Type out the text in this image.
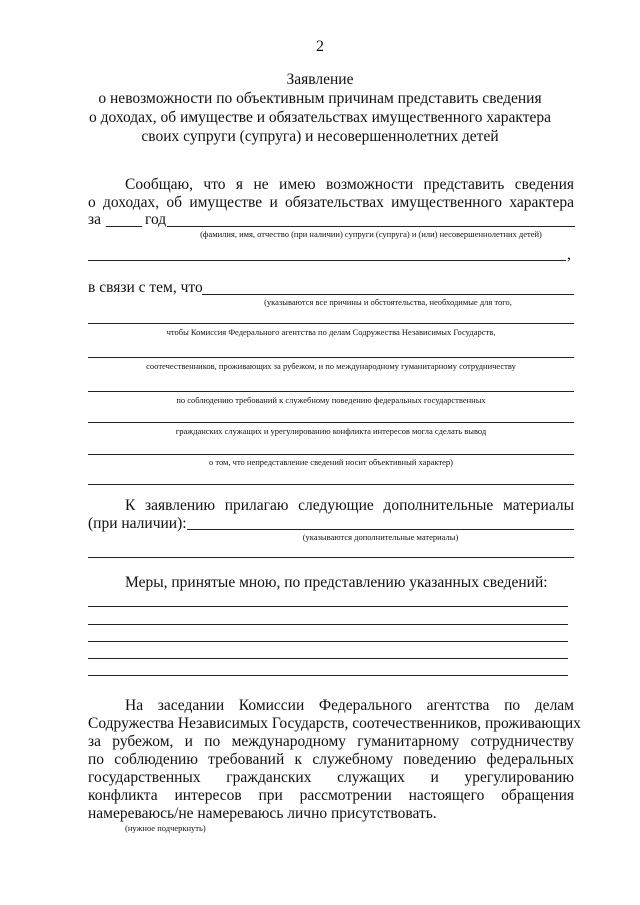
2
Заявление
о невозможности по объективным причинам представить сведения
о доходах, об имуществе и обязательствах имущественного характера
своих супруги (супруга) и несовершеннолетних детей
Сообщаю, что я не имею возможности представить сведения
о доходах, об имуществе и обязательствах имущественного характера
за	год
(фамилия, имя, отчество (при наличии) супруги (супруга) и (или) несовершеннолетних детей)
,
в связи с тем, что
(указываются все причины и обстоятельства, необходимые для того,
чтобы Комиссия Федерального агентства по делам Содружества Независимых Государств,
соотечественников, проживающих за рубежом, и по международному гуманитарному сотрудничеству
по соблюдению требований к служебному поведению федеральных государственных
гражданских служащих и урегулированию конфликта интересов могла сделать вывод
о том, что непредставление сведений носит объективный характер)
К заявлению прилагаю следующие дополнительные материалы
(при наличии):
(указываются дополнительные материалы)
Меры, принятые мною, по представлению указанных сведений:
На заседании Комиссии Федерального агентства по делам
Содружества Независимых Государств, соотечественников, проживающих
за рубежом, и по международному гуманитарному сотрудничеству
по соблюдению требований к служебному поведению федеральных
государственных гражданских служащих и урегулированию
конфликта интересов при рассмотрении настоящего обращения
намереваюсь/не намереваюсь лично присутствовать.
(нужное подчеркнуть)
